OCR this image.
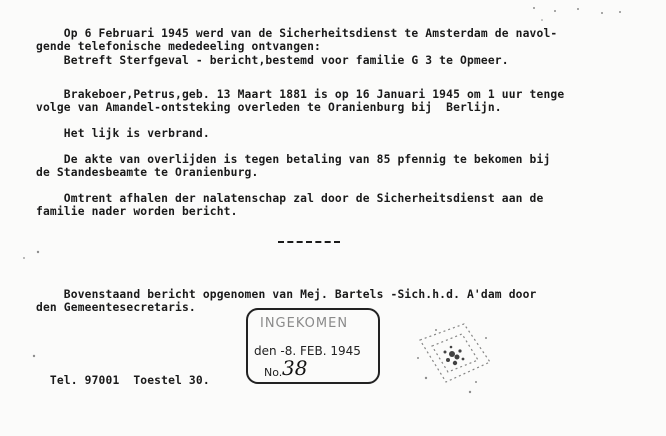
Op 6 Februari 1945 werd van de Sicherheitsdienst te Amsterdam de navol-
gende telefonische mededeeling ontvangen:
Betreft Sterfgeval - bericht,bestemd voor familie G 3 te Opmeer.
Brakeboer,Petrus,geb. 13 Maart 1881 is op 16 Januari 1945 om 1 uur tenge
volge van Amandel-ontsteking overleden te Oranienburg bij  Berlijn.
Het lijk is verbrand.
De akte van overlijden is tegen betaling van 85 pfennig te bekomen bij
de Standesbeamte te Oranienburg.
Omtrent afhalen der nalatenschap zal door de Sicherheitsdienst aan de
familie nader worden bericht.
Bovenstaand bericht opgenomen van Mej. Bartels -Sich.h.d. A'dam door
den Gemeentesecretaris.
Tel. 97001  Toestel 30.
INGEKOMEN
den -8. FEB. 1945
No. 38
